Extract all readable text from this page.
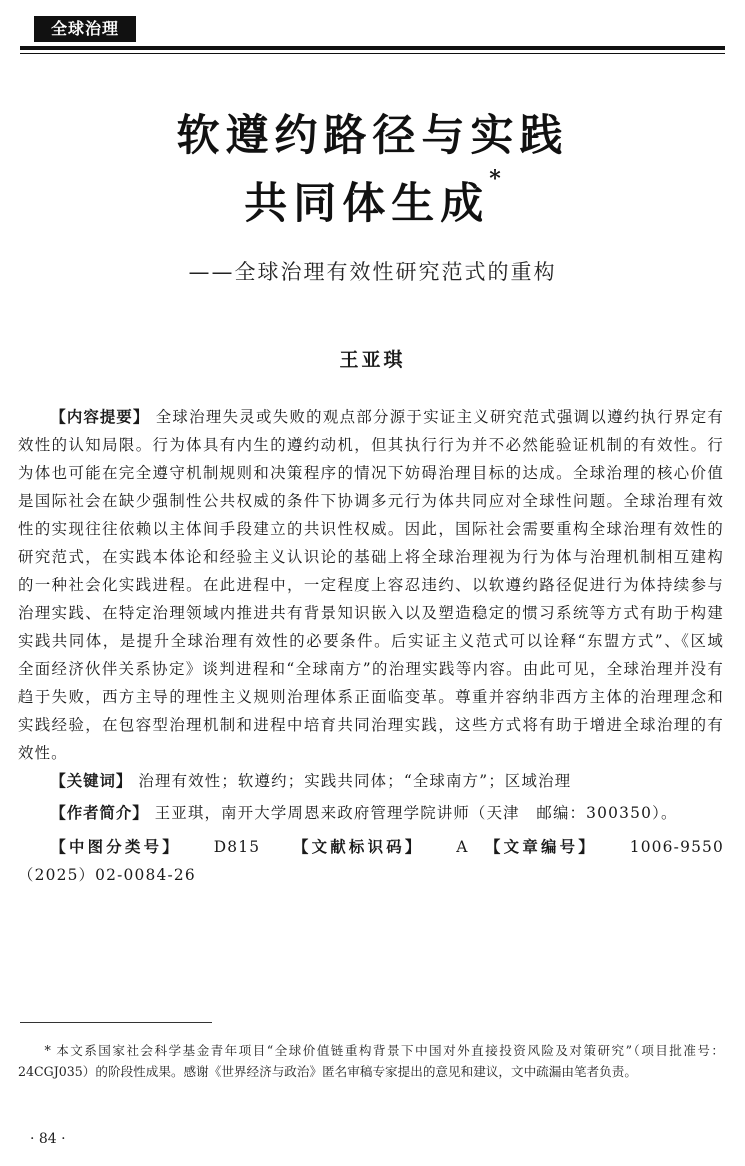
全球治理
软遵约路径与实践
共同体生成*
——全球治理有效性研究范式的重构
王亚琪

【内容提要】 全球治理失灵或失败的观点部分源于实证主义研究范式强调以遵约执行界定有效性的认知局限。行为体具有内生的遵约动机，但其执行行为并不必然能验证机制的有效性。行为体也可能在完全遵守机制规则和决策程序的情况下妨碍治理目标的达成。全球治理的核心价值是国际社会在缺少强制性公共权威的条件下协调多元行为体共同应对全球性问题。全球治理有效性的实现往往依赖以主体间手段建立的共识性权威。因此，国际社会需要重构全球治理有效性的研究范式，在实践本体论和经验主义认识论的基础上将全球治理视为行为体与治理机制相互建构的一种社会化实践进程。在此进程中，一定程度上容忍违约、以软遵约路径促进行为体持续参与治理实践、在特定治理领域内推进共有背景知识嵌入以及塑造稳定的惯习系统等方式有助于构建实践共同体，是提升全球治理有效性的必要条件。后实证主义范式可以诠释“东盟方式”、《区域全面经济伙伴关系协定》谈判进程和“全球南方”的治理实践等内容。由此可见，全球治理并没有趋于失败，西方主导的理性主义规则治理体系正面临变革。尊重并容纳非西方主体的治理理念和实践经验，在包容型治理机制和进程中培育共同治理实践，这些方式将有助于增进全球治理的有效性。

【关键词】 治理有效性；软遵约；实践共同体；“全球南方”；区域治理

【作者简介】 王亚琪，南开大学周恩来政府管理学院讲师（天津　邮编：300350）。

【中图分类号】 D815 【文献标识码】 A 【文章编号】 1006-9550（2025）02-0084-26

* 本文系国家社会科学基金青年项目“全球价值链重构背景下中国对外直接投资风险及对策研究”（项目批准号：24CGJ035）的阶段性成果。感谢《世界经济与政治》匿名审稿专家提出的意见和建议，文中疏漏由笔者负责。
· 84 ·
